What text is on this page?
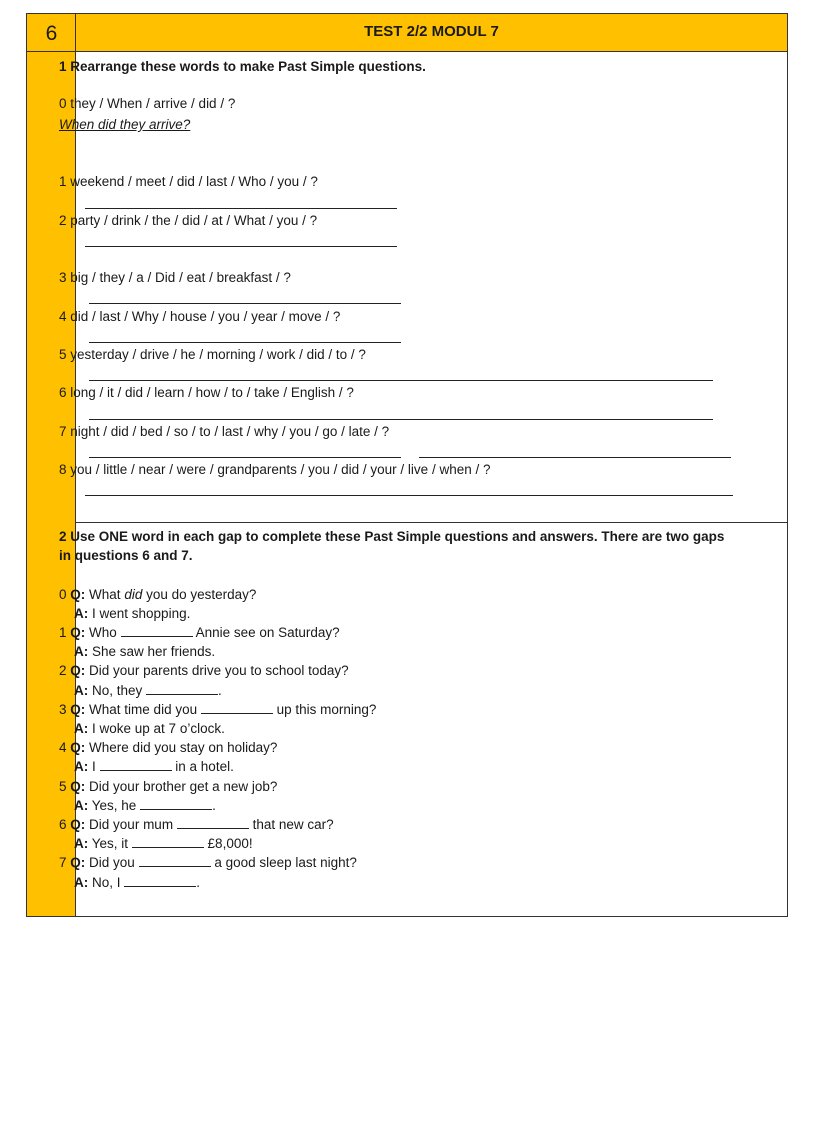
6	TEST 2/2 MODUL 7
1 Rearrange these words to make Past Simple questions.
0 they / When / arrive / did / ?
When did they arrive?
1 weekend / meet / did / last / Who / you / ?
2 party / drink / the / did / at / What / you / ?
3 big / they / a / Did / eat / breakfast / ?
4 did / last / Why / house / you / year / move / ?
5 yesterday / drive / he / morning / work / did / to / ?
6 long / it / did / learn / how / to / take / English / ?
7 night / did / bed / so / to / last / why / you / go / late / ?
8 you / little / near / were / grandparents / you / did / your / live / when / ?
2 Use ONE word in each gap to complete these Past Simple questions and answers. There are two gaps
in questions 6 and 7.
0 Q: What did you do yesterday?
A: I went shopping.
1 Q: Who	Annie see on Saturday?
A: She saw her friends.
2 Q: Did your parents drive you to school today?
A: No, they	.
3 Q: What time did you	up this morning?
A: I woke up at 7 o’clock.
4 Q: Where did you stay on holiday?
A: I	in a hotel.
5 Q: Did your brother get a new job?
A: Yes, he	.
6 Q: Did your mum	that new car?
A: Yes, it	£8,000!
7 Q: Did you	a good sleep last night?
A: No, I	.
